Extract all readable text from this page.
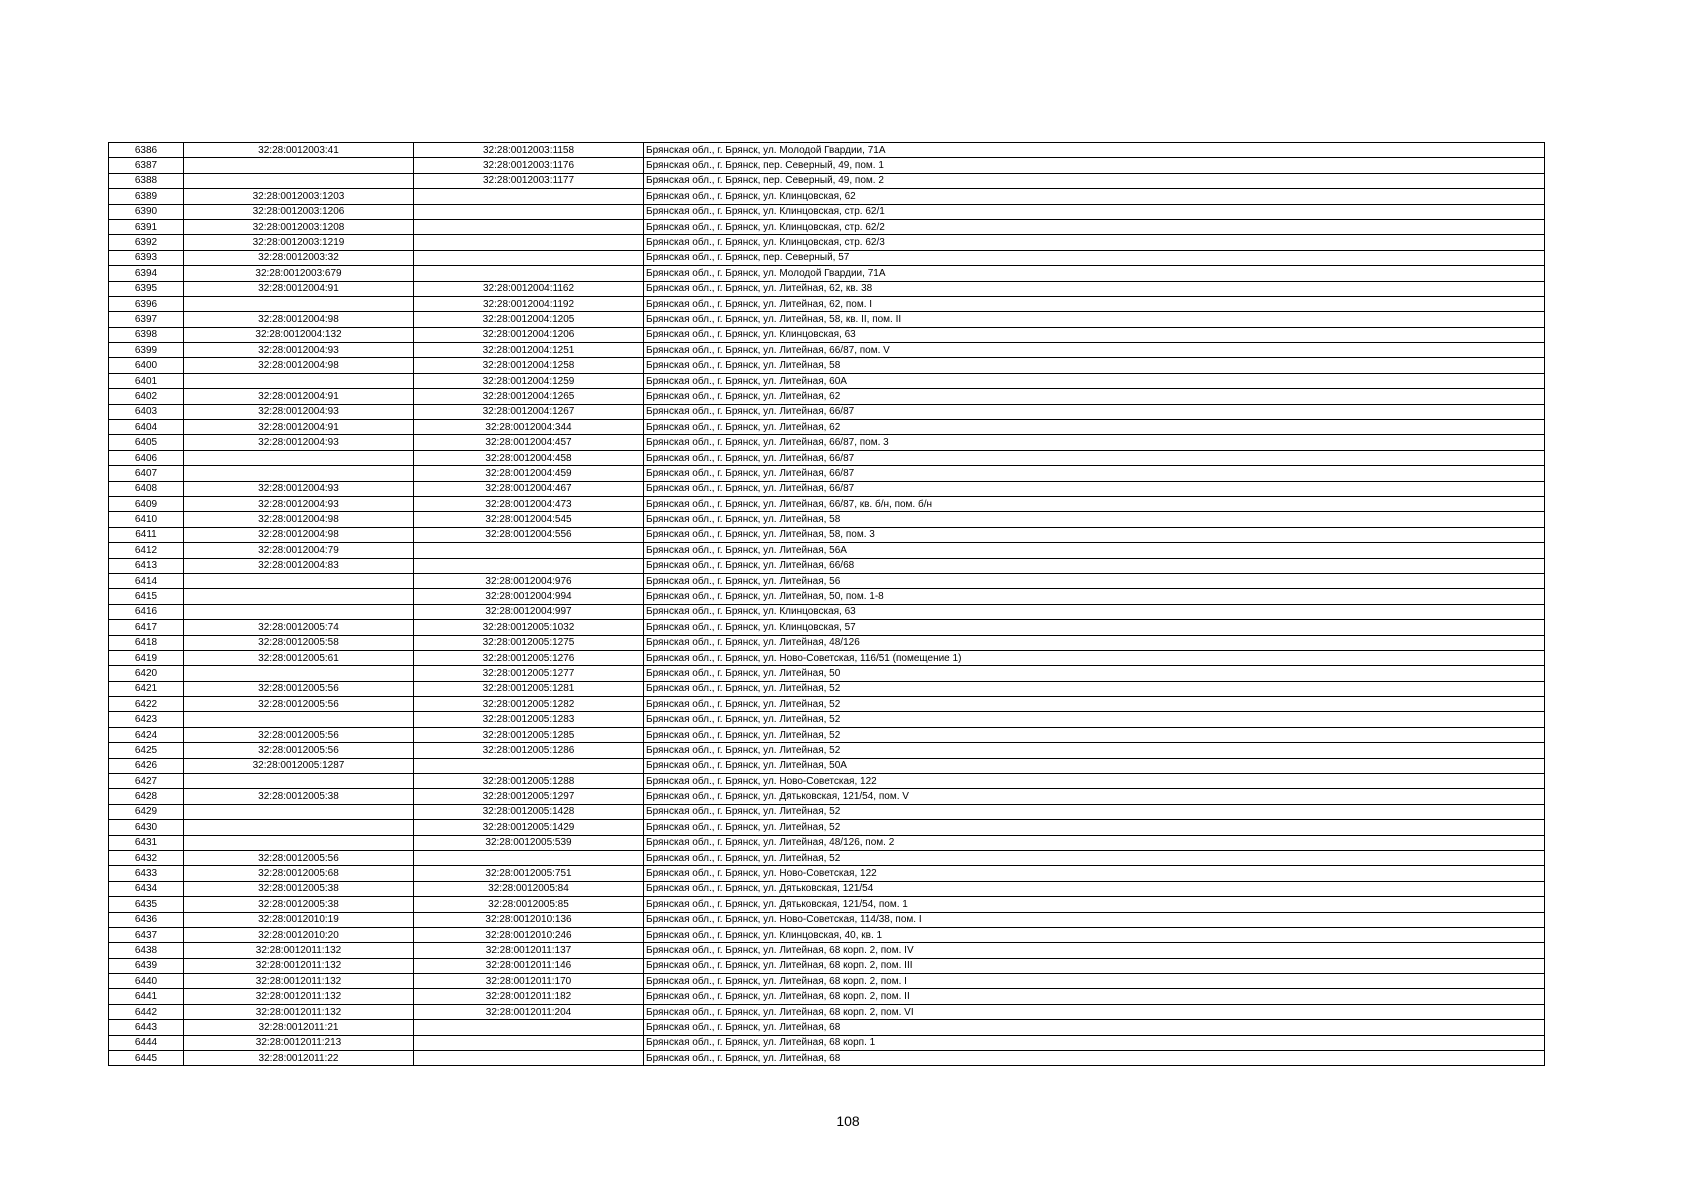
6386	32:28:0012003:41	32:28:0012003:1158	Брянская обл., г. Брянск, ул. Молодой Гвардии, 71А
6387		32:28:0012003:1176	Брянская обл., г. Брянск, пер. Северный, 49, пом. 1
6388		32:28:0012003:1177	Брянская обл., г. Брянск, пер. Северный, 49, пом. 2
6389	32:28:0012003:1203		Брянская обл., г. Брянск, ул. Клинцовская, 62
6390	32:28:0012003:1206		Брянская обл., г. Брянск, ул. Клинцовская, стр. 62/1
6391	32:28:0012003:1208		Брянская обл., г. Брянск, ул. Клинцовская, стр. 62/2
6392	32:28:0012003:1219		Брянская обл., г. Брянск, ул. Клинцовская, стр. 62/3
6393	32:28:0012003:32		Брянская обл., г. Брянск, пер. Северный, 57
6394	32:28:0012003:679		Брянская обл., г. Брянск, ул. Молодой Гвардии, 71А
6395	32:28:0012004:91	32:28:0012004:1162	Брянская обл., г. Брянск, ул. Литейная, 62, кв. 38
6396		32:28:0012004:1192	Брянская обл., г. Брянск, ул. Литейная, 62, пом. I
6397	32:28:0012004:98	32:28:0012004:1205	Брянская обл., г. Брянск, ул. Литейная, 58, кв. II, пом. II
6398	32:28:0012004:132	32:28:0012004:1206	Брянская обл., г. Брянск, ул. Клинцовская, 63
6399	32:28:0012004:93	32:28:0012004:1251	Брянская обл., г. Брянск, ул. Литейная, 66/87, пом. V
6400	32:28:0012004:98	32:28:0012004:1258	Брянская обл., г. Брянск, ул. Литейная, 58
6401		32:28:0012004:1259	Брянская обл., г. Брянск, ул. Литейная, 60А
6402	32:28:0012004:91	32:28:0012004:1265	Брянская обл., г. Брянск, ул. Литейная, 62
6403	32:28:0012004:93	32:28:0012004:1267	Брянская обл., г. Брянск, ул. Литейная, 66/87
6404	32:28:0012004:91	32:28:0012004:344	Брянская обл., г. Брянск, ул. Литейная, 62
6405	32:28:0012004:93	32:28:0012004:457	Брянская обл., г. Брянск, ул. Литейная, 66/87, пом. 3
6406		32:28:0012004:458	Брянская обл., г. Брянск, ул. Литейная, 66/87
6407		32:28:0012004:459	Брянская обл., г. Брянск, ул. Литейная, 66/87
6408	32:28:0012004:93	32:28:0012004:467	Брянская обл., г. Брянск, ул. Литейная, 66/87
6409	32:28:0012004:93	32:28:0012004:473	Брянская обл., г. Брянск, ул. Литейная, 66/87, кв. б/н, пом. б/н
6410	32:28:0012004:98	32:28:0012004:545	Брянская обл., г. Брянск, ул. Литейная, 58
6411	32:28:0012004:98	32:28:0012004:556	Брянская обл., г. Брянск, ул. Литейная, 58, пом. 3
6412	32:28:0012004:79		Брянская обл., г. Брянск, ул. Литейная, 56А
6413	32:28:0012004:83		Брянская обл., г. Брянск, ул. Литейная, 66/68
6414		32:28:0012004:976	Брянская обл., г. Брянск, ул. Литейная, 56
6415		32:28:0012004:994	Брянская обл., г. Брянск, ул. Литейная, 50, пом. 1-8
6416		32:28:0012004:997	Брянская обл., г. Брянск, ул. Клинцовская, 63
6417	32:28:0012005:74	32:28:0012005:1032	Брянская обл., г. Брянск, ул. Клинцовская, 57
6418	32:28:0012005:58	32:28:0012005:1275	Брянская обл., г. Брянск, ул. Литейная, 48/126
6419	32:28:0012005:61	32:28:0012005:1276	Брянская обл., г. Брянск, ул. Ново-Советская, 116/51 (помещение 1)
6420		32:28:0012005:1277	Брянская обл., г. Брянск, ул. Литейная, 50
6421	32:28:0012005:56	32:28:0012005:1281	Брянская обл., г. Брянск, ул. Литейная, 52
6422	32:28:0012005:56	32:28:0012005:1282	Брянская обл., г. Брянск, ул. Литейная, 52
6423		32:28:0012005:1283	Брянская обл., г. Брянск, ул. Литейная, 52
6424	32:28:0012005:56	32:28:0012005:1285	Брянская обл., г. Брянск, ул. Литейная, 52
6425	32:28:0012005:56	32:28:0012005:1286	Брянская обл., г. Брянск, ул. Литейная, 52
6426	32:28:0012005:1287		Брянская обл., г. Брянск, ул. Литейная, 50А
6427		32:28:0012005:1288	Брянская обл., г. Брянск, ул. Ново-Советская, 122
6428	32:28:0012005:38	32:28:0012005:1297	Брянская обл., г. Брянск, ул. Дятьковская, 121/54, пом. V
6429		32:28:0012005:1428	Брянская обл., г. Брянск, ул. Литейная, 52
6430		32:28:0012005:1429	Брянская обл., г. Брянск, ул. Литейная, 52
6431		32:28:0012005:539	Брянская обл., г. Брянск, ул. Литейная, 48/126, пом. 2
6432	32:28:0012005:56		Брянская обл., г. Брянск, ул. Литейная, 52
6433	32:28:0012005:68	32:28:0012005:751	Брянская обл., г. Брянск, ул. Ново-Советская, 122
6434	32:28:0012005:38	32:28:0012005:84	Брянская обл., г. Брянск, ул. Дятьковская, 121/54
6435	32:28:0012005:38	32:28:0012005:85	Брянская обл., г. Брянск, ул. Дятьковская, 121/54, пом. 1
6436	32:28:0012010:19	32:28:0012010:136	Брянская обл., г. Брянск, ул. Ново-Советская, 114/38, пом. I
6437	32:28:0012010:20	32:28:0012010:246	Брянская обл., г. Брянск, ул. Клинцовская, 40, кв. 1
6438	32:28:0012011:132	32:28:0012011:137	Брянская обл., г. Брянск, ул. Литейная, 68 корп. 2, пом. IV
6439	32:28:0012011:132	32:28:0012011:146	Брянская обл., г. Брянск, ул. Литейная, 68 корп. 2, пом. III
6440	32:28:0012011:132	32:28:0012011:170	Брянская обл., г. Брянск, ул. Литейная, 68 корп. 2, пом. I
6441	32:28:0012011:132	32:28:0012011:182	Брянская обл., г. Брянск, ул. Литейная, 68 корп. 2, пом. II
6442	32:28:0012011:132	32:28:0012011:204	Брянская обл., г. Брянск, ул. Литейная, 68 корп. 2, пом. VI
6443	32:28:0012011:21		Брянская обл., г. Брянск, ул. Литейная, 68
6444	32:28:0012011:213		Брянская обл., г. Брянск, ул. Литейная, 68 корп. 1
6445	32:28:0012011:22		Брянская обл., г. Брянск, ул. Литейная, 68
108
